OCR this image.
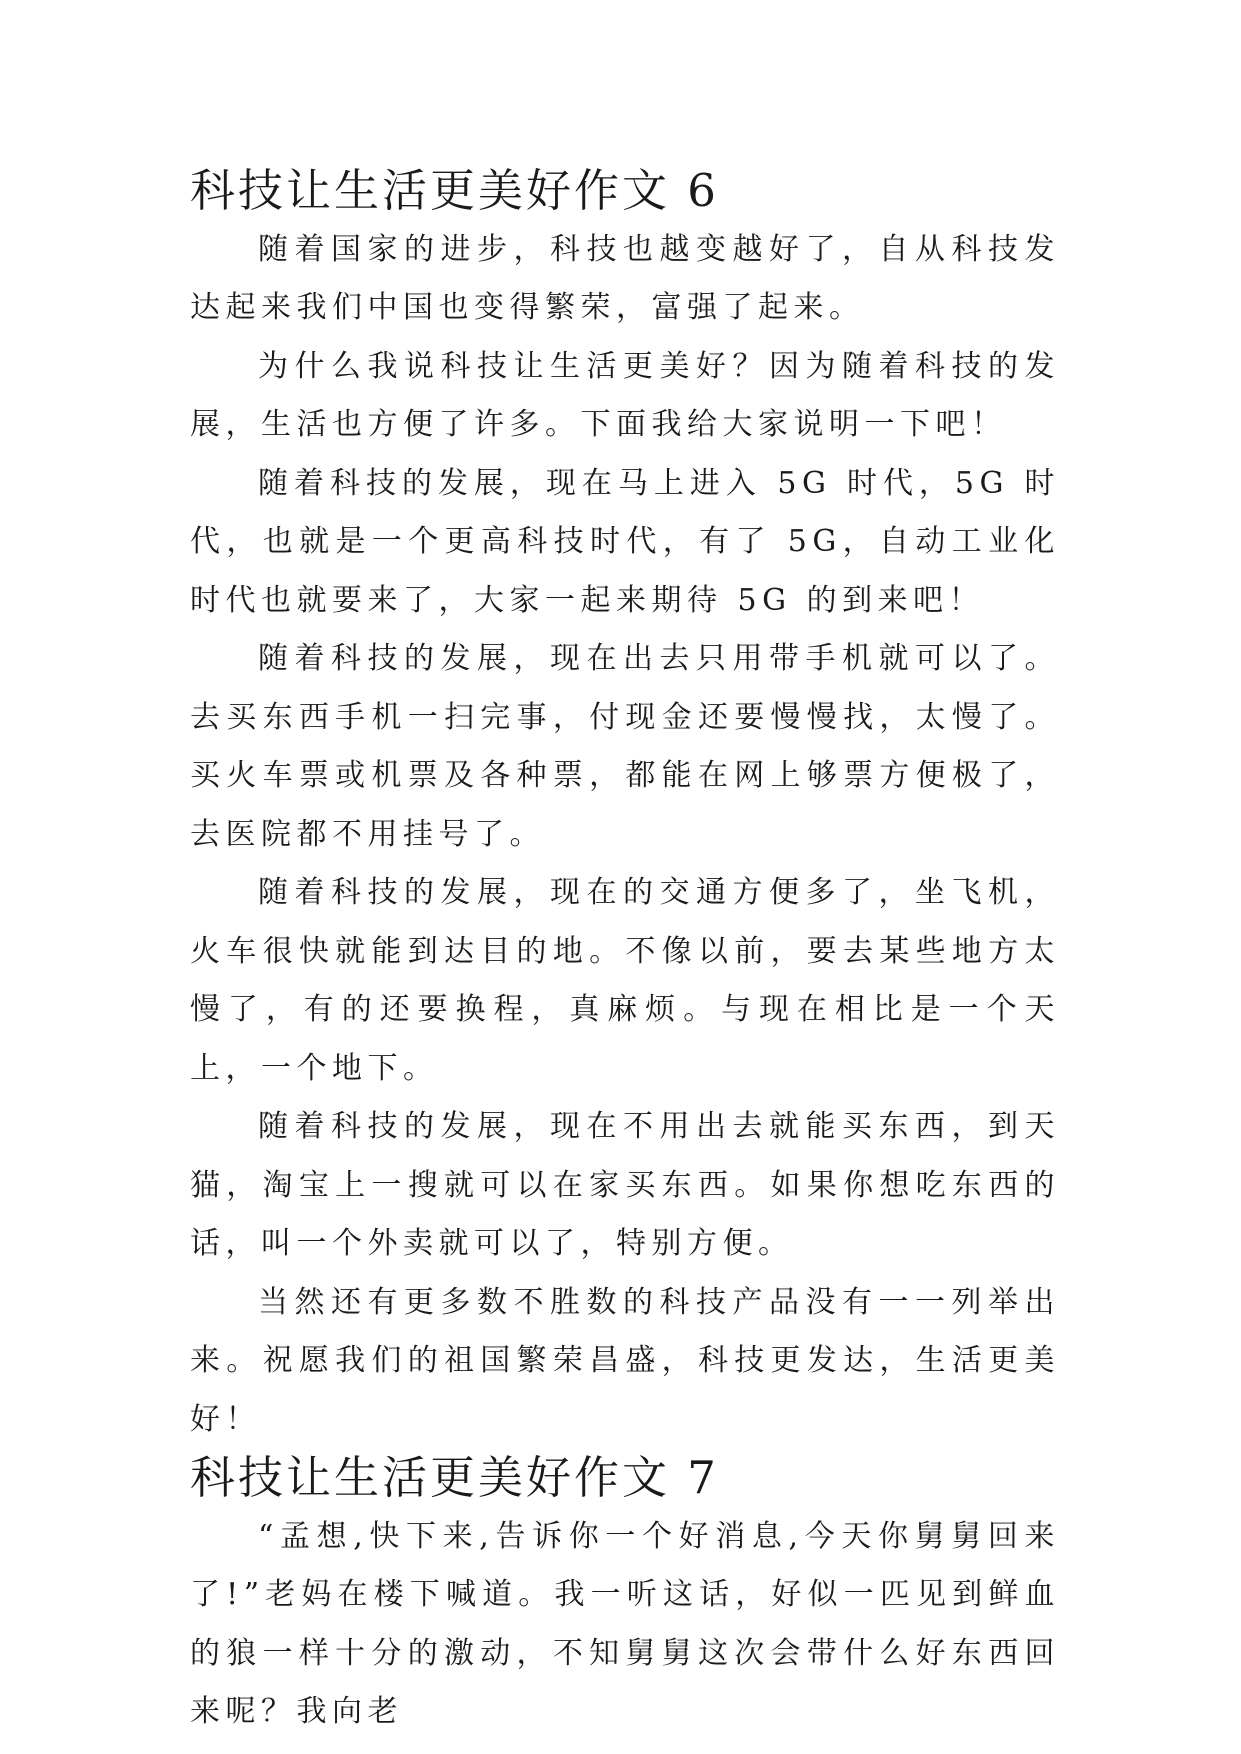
科技让生活更美好作文 6

随着国家的进步，科技也越变越好了，自从科技发达起来我们中国也变得繁荣，富强了起来。

为什么我说科技让生活更美好？因为随着科技的发展，生活也方便了许多。下面我给大家说明一下吧！

随着科技的发展，现在马上进入 5G 时代，5G 时代，也就是一个更高科技时代，有了 5G，自动工业化时代也就要来了，大家一起来期待 5G 的到来吧！

随着科技的发展，现在出去只用带手机就可以了。去买东西手机一扫完事，付现金还要慢慢找，太慢了。买火车票或机票及各种票，都能在网上够票方便极了，去医院都不用挂号了。

随着科技的发展，现在的交通方便多了，坐飞机，火车很快就能到达目的地。不像以前，要去某些地方太慢了，有的还要换程，真麻烦。与现在相比是一个天上，一个地下。

随着科技的发展，现在不用出去就能买东西，到天猫，淘宝上一搜就可以在家买东西。如果你想吃东西的话，叫一个外卖就可以了，特别方便。

当然还有更多数不胜数的科技产品没有一一列举出来。祝愿我们的祖国繁荣昌盛，科技更发达，生活更美好！

科技让生活更美好作文 7

“孟想,快下来,告诉你一个好消息,今天你舅舅回来了!”老妈在楼下喊道。我一听这话，好似一匹见到鲜血的狼一样十分的激动，不知舅舅这次会带什么好东西回来呢？我向老
